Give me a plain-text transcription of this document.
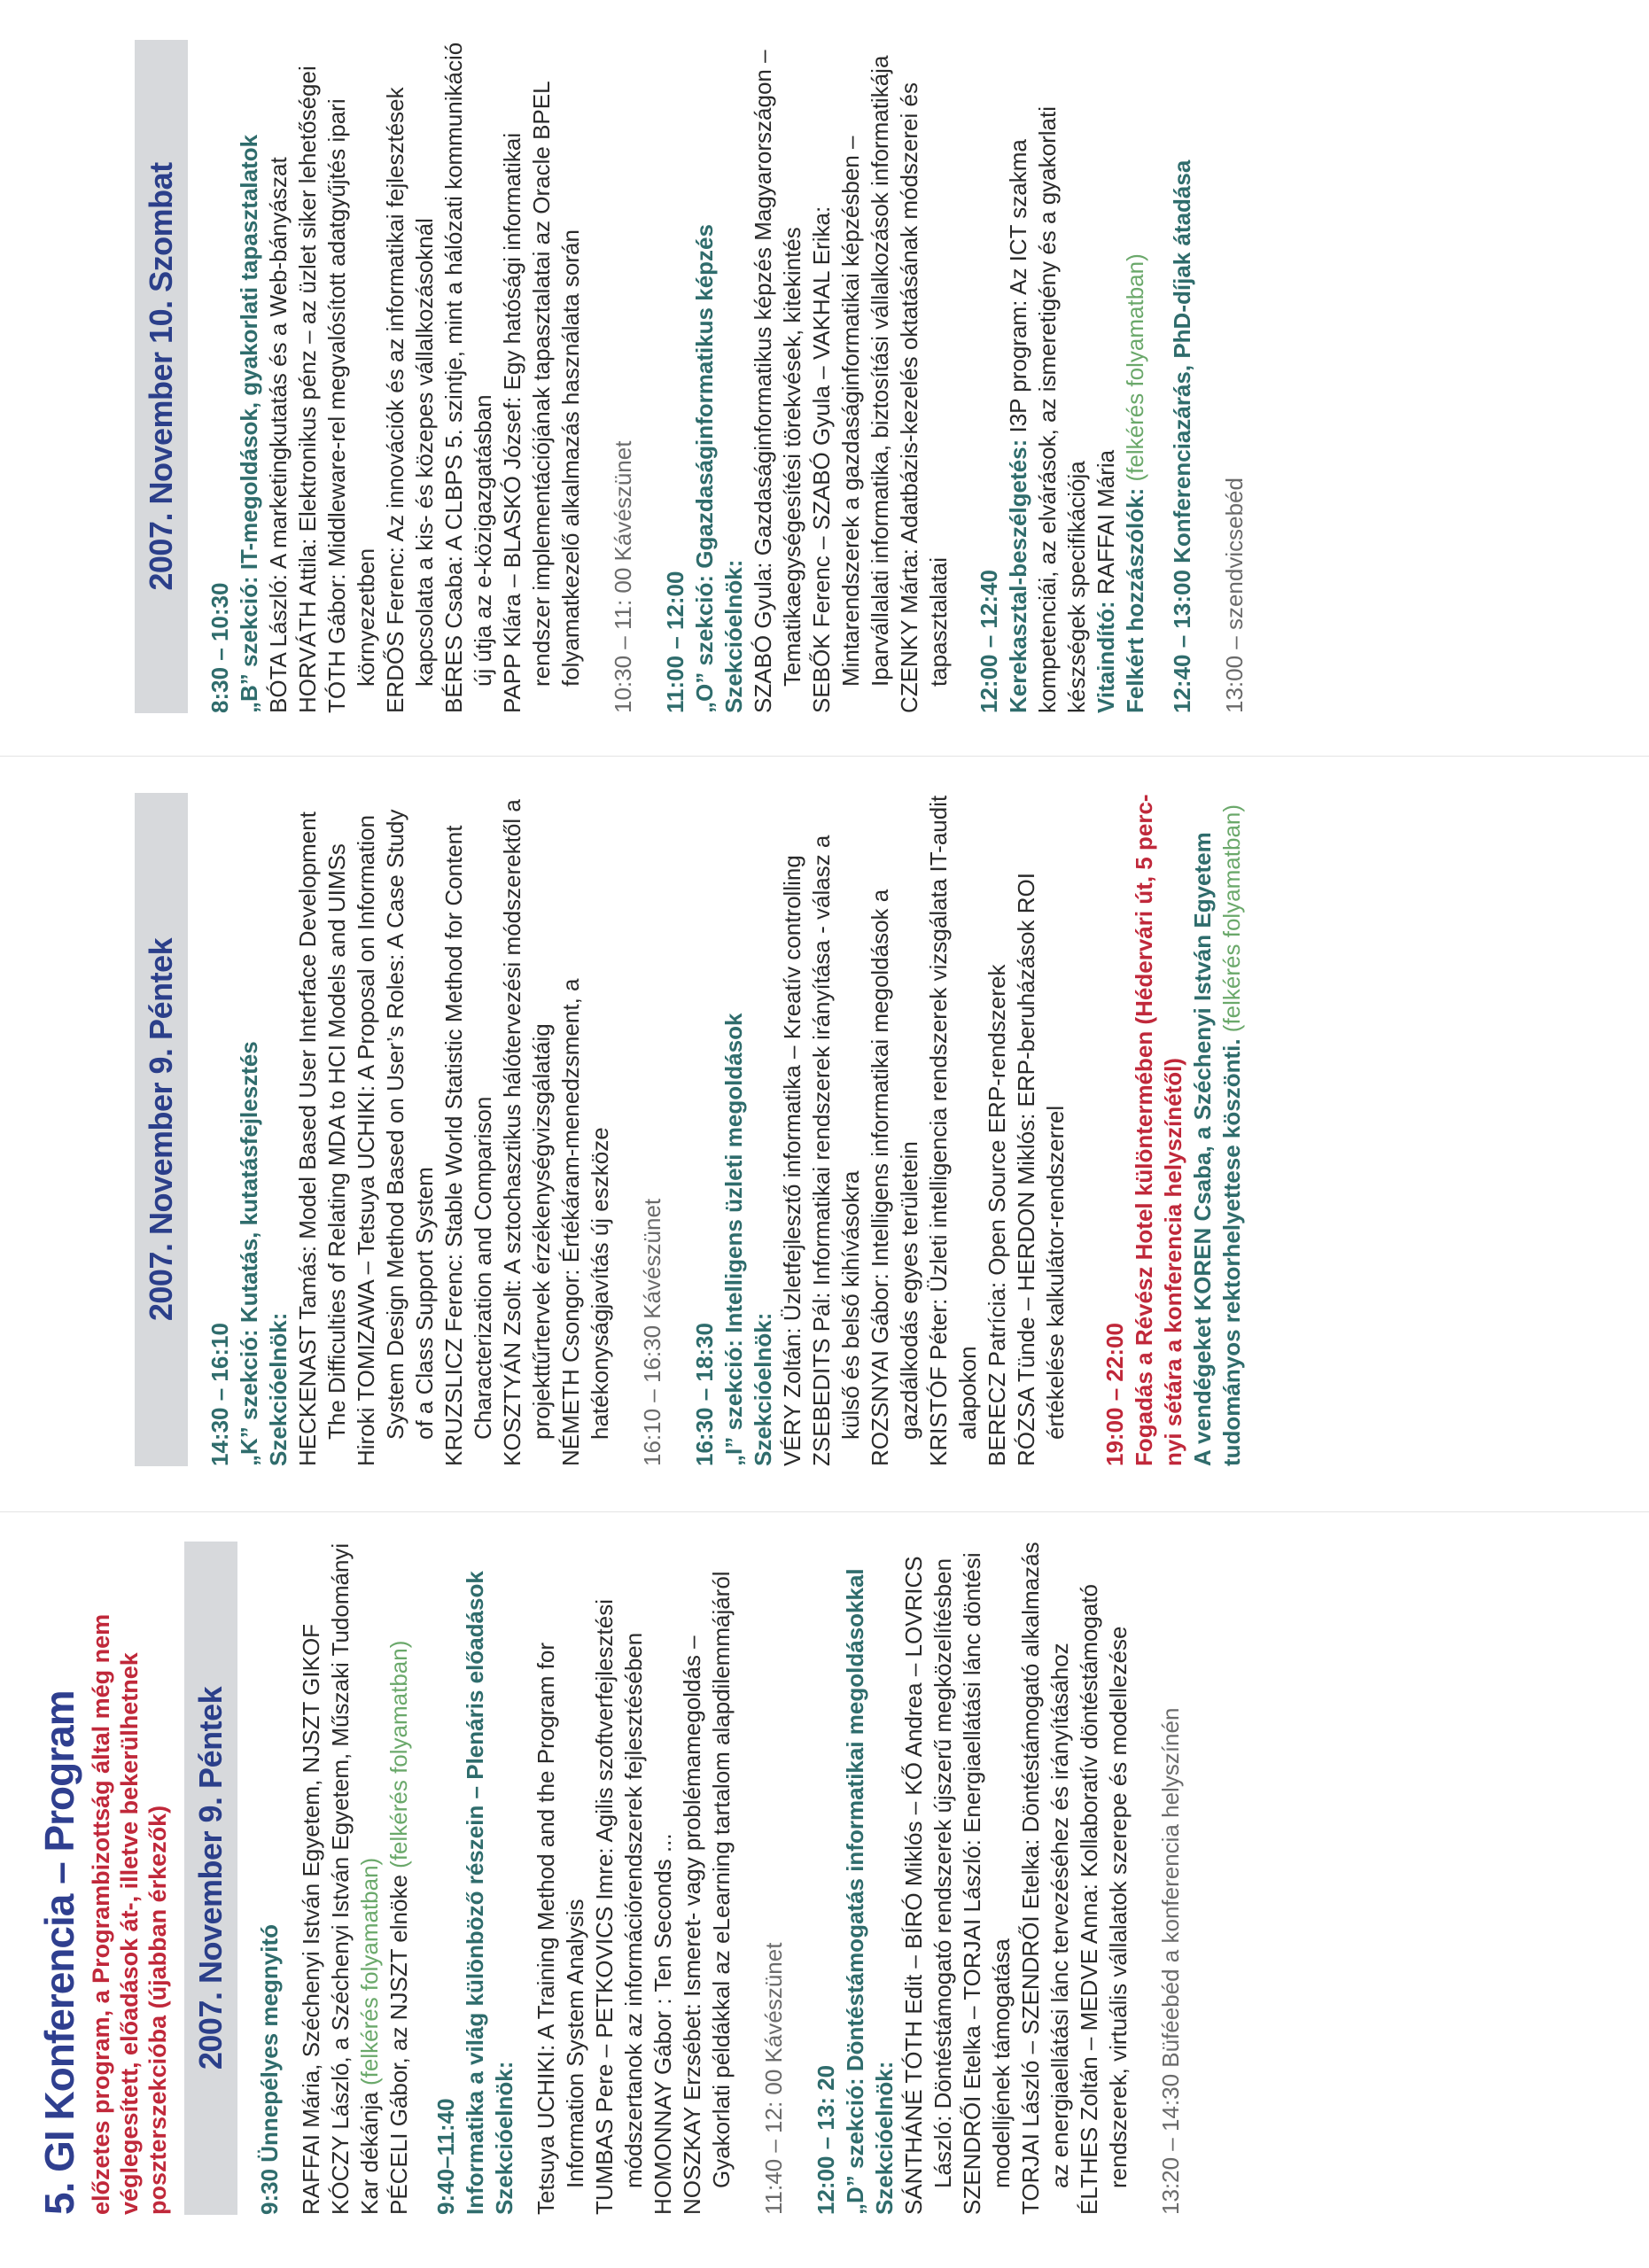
5. GI Konferencia – Program előzetes program, a Programbizottság által még nem véglegesített, előadások át-, illetve bekerülhetnek poszterszekcióba (újabban érkezők) 2007. November 9. Péntek	9:30 Ünnepélyes megnyitó RAFFAI Mária, Széchenyi István Egyetem, NJSZT GIKOF KÓCZY László, a Széchenyi István Egyetem, Műszaki Tudományi Kar dékánja (felkérés folyamatban) PÉCELI Gábor, az NJSZT elnöke (felkérés folyamatban)
9:40–11:40 Informatika a világ különböző részein – Plenáris előadások Szekcióelnök: Tetsuya UCHIKI: A Training Method and the Program for Information System Analysis TUMBAS Pere – PETKOVICS Imre: Agilis szoftverfejlesztési módszertanok az információrendszerek fejlesztésében HOMONNAY Gábor : Ten Seconds ... NOSZKAY Erzsébet: Ismeret- vagy problémamegoldás – Gyakorlati példákkal az eLearning tartalom alapdilemmájáról 11:40 – 12: 00 Kávészünet 12:00 – 13: 20 „D” szekció: Döntéstámogatás informatikai megoldásokkal Szekcióelnök: SÁNTHÁNÉ TÓTH Edit – BÍRÓ Miklós – KŐ Andrea – LOVRICS László: Döntéstámogató rendszerek újszerű megközelítésben SZENDRŐI Etelka – TORJAI László: Energiaellátási lánc döntési modelljének támogatása TORJAI László – SZENDRŐI Etelka: Döntéstámogató alkalmazás az energiaellátási lánc tervezéséhez és irányításához ÉLTHES Zoltán – MEDVE Anna: Kollaboratív döntéstámogató rendszerek, virtuális vállalatok szerepe és modellezése 13:20 – 14:30 Büféebéd a konferencia helyszínén
2007. November 9. Péntek
14:30 – 16:10 „K” szekció: Kutatás, kutatásfejlesztés Szekcióelnök: HECKENAST Tamás: Model Based User Interface Development The Difficulties of Relating MDA to HCI Models and UIMSs Hiroki TOMIZAWA – Tetsuya UCHIKI: A Proposal on Information System Design Method Based on User’s Roles: A Case Study of a Class Support System KRUZSLICZ Ferenc: Stable World Statistic Method for Content Characterization and Comparison KOSZTYÁN Zsolt: A sztochasztikus hálótervezési módszerektől a projekttűrtervek érzékenységvizsgálatáig NÉMETH Csongor: Értékáram-menedzsment, a hatékonyságjavítás új eszköze 16:10 – 16:30 Kávészünet 16:30 – 18:30 „I” szekció: Intelligens üzleti megoldások Szekcióelnök: VÉRY Zoltán: Üzletfejlesztő informatika – Kreatív controlling ZSEBEDITS Pál: Informatikai rendszerek irányítása - válasz a külső és belső kihívásokra ROZSNYAI Gábor: Intelligens informatikai megoldások a gazdálkodás egyes területein KRISTÓF Péter: Üzleti intelligencia rendszerek vizsgálata IT-audit alapokon BERECZ Patrícia: Open Source ERP-rendszerek RÓZSA Tünde – HERDON Miklós: ERP-beruházások ROI értékelése kalkulátor-rendszerrel 19:00 – 22:00 Fogadás a Révész Hotel különtermében (Hédervári út, 5 perc-nyi sétára a konferencia helyszínétől) A vendégeket KOREN Csaba, a Széchenyi István Egyetem tudományos rektorhelyettese köszönti. (felkérés folyamatban)
2007. November 10. Szombat
8:30 – 10:30 „B” szekció: IT-megoldások, gyakorlati tapasztalatok BÓTA László: A marketingkutatás és a Web-bányászat HORVÁTH Attila: Elektronikus pénz – az üzlet siker lehetőségei TÓTH Gábor: Middleware-rel megvalósított adatgyűjtés ipari környezetben ERDŐS Ferenc: Az innovációk és az informatikai fejlesztések kapcsolata a kis- és közepes vállalkozásoknál BÉRES Csaba: A CLBPS 5. szintje, mint a hálózati kommunikáció új útja az e-közigazgatásban PAPP Klára – BLASKÓ József: Egy hatósági informatikai rendszer implementációjának tapasztalatai az Oracle BPEL folyamatkezelő alkalmazás használata során 10:30 – 11: 00 Kávészünet 11:00 – 12:00 „O” szekció: Ggazdaságinformatikus képzés Szekcióelnök: SZABÓ Gyula: Gazdaságinformatikus képzés Magyarországon – Tematikaegységesítési törekvések, kitekintés SEBŐK Ferenc – SZABÓ Gyula – VAKHAL Erika: Mintarendszerek a gazdaságinformatikai képzésben – Iparvállalati informatika, biztosítási vállalkozások informatikája CZENKY Márta: Adatbázis-kezelés oktatásának módszerei és tapasztalatai 12:00 – 12:40 Kerekasztal-beszélgetés: I3P program: Az ICT szakma kompetenciái, az elvárások, az ismeretigény és a gyakorlati készségek specifikációja Vitaindító: RAFFAI Mária Felkért hozzászólók: (felkérés folyamatban) 12:40 – 13:00 Konferenciazárás, PhD-díjak átadása 13:00 – szendvicsebéd
